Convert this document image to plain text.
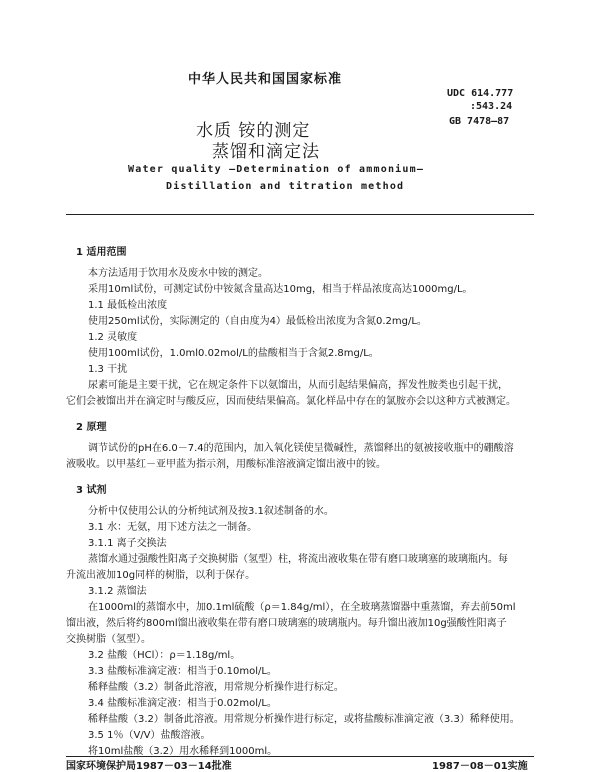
中华人民共和国国家标准
UDC 614.777
:543.24
GB 7478—87
水质 铵的测定
蒸馏和滴定法
Water quality —Determination of ammonium—
Distillation and titration method
1 适用范围
本方法适用于饮用水及废水中铵的测定。
采用10ml试份，可测定试份中铵氮含量高达10mg，相当于样品浓度高达1000mg/L。
1.1 最低检出浓度
使用250ml试份，实际测定的（自由度为4）最低检出浓度为含氮0.2mg/L。
1.2 灵敏度
使用100ml试份，1.0ml0.02mol/L的盐酸相当于含氮2.8mg/L。
1.3 干扰
尿素可能是主要干扰，它在规定条件下以氨馏出，从而引起结果偏高，挥发性胺类也引起干扰，
它们会被馏出并在滴定时与酸反应，因而使结果偏高。氯化样品中存在的氯胺亦会以这种方式被测定。
2 原理
调节试份的pH在6.0－7.4的范围内，加入氧化镁使呈微碱性，蒸馏释出的氨被接收瓶中的硼酸溶
液吸收。以甲基红－亚甲蓝为指示剂，用酸标准溶液滴定馏出液中的铵。
3 试剂
分析中仅使用公认的分析纯试剂及按3.1叙述制备的水。
3.1 水：无氨，用下述方法之一制备。
3.1.1 离子交换法
蒸馏水通过强酸性阳离子交换树脂（氢型）柱，将流出液收集在带有磨口玻璃塞的玻璃瓶内。每
升流出液加10g同样的树脂，以利于保存。
3.1.2 蒸馏法
在1000ml的蒸馏水中，加0.1ml硫酸（ρ＝1.84g/ml），在全玻璃蒸馏器中重蒸馏，弃去前50ml
馏出液，然后将约800ml馏出液收集在带有磨口玻璃塞的玻璃瓶内。每升馏出液加10g强酸性阳离子
交换树脂（氢型）。
3.2 盐酸（HCl）：ρ＝1.18g/ml。
3.3 盐酸标准滴定液：相当于0.10mol/L。
稀释盐酸（3.2）制备此溶液，用常规分析操作进行标定。
3.4 盐酸标准滴定液：相当于0.02mol/L。
稀释盐酸（3.2）制备此溶液。用常规分析操作进行标定，或将盐酸标准滴定液（3.3）稀释使用。
3.5 1％（V/V）盐酸溶液。
将10ml盐酸（3.2）用水稀释到1000ml。
国家环境保护局1987－03－14批准	1987－08－01实施
